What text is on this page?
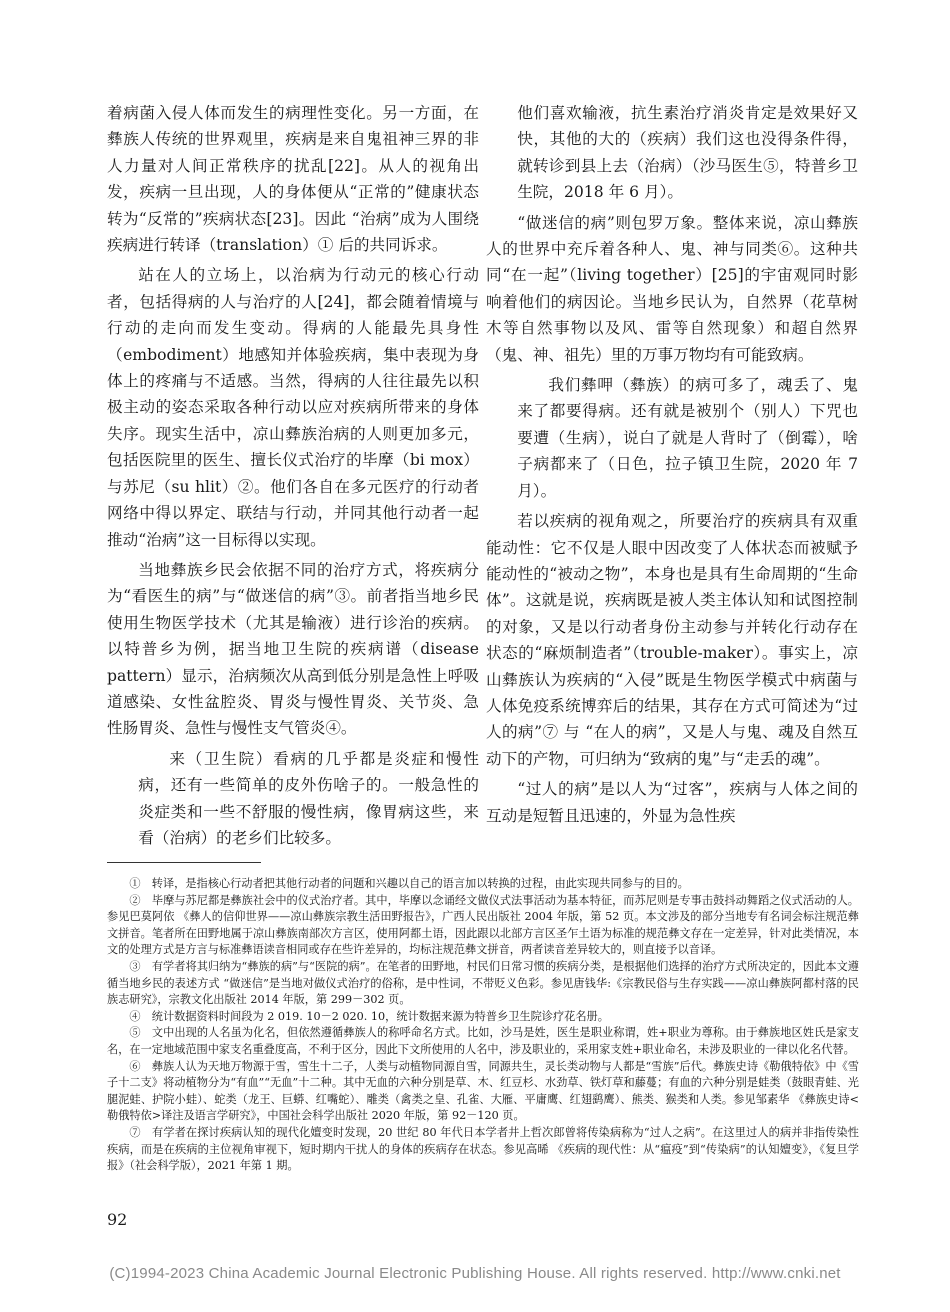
着病菌入侵人体而发生的病理性变化。另一方面，在彝族人传统的世界观里，疾病是来自鬼祖神三界的非人力量对人间正常秩序的扰乱[22]。从人的视角出发，疾病一旦出现，人的身体便从“正常的”健康状态转为“反常的”疾病状态[23]。因此 “治病”成为人围绕疾病进行转译（translation）① 后的共同诉求。

站在人的立场上，以治病为行动元的核心行动者，包括得病的人与治疗的人[24]，都会随着情境与行动的走向而发生变动。得病的人能最先具身性（embodiment）地感知并体验疾病，集中表现为身体上的疼痛与不适感。当然，得病的人往往最先以积极主动的姿态采取各种行动以应对疾病所带来的身体失序。现实生活中，凉山彝族治病的人则更加多元，包括医院里的医生、擅长仪式治疗的毕摩（bi mox）与苏尼（su hlit）②。他们各自在多元医疗的行动者网络中得以界定、联结与行动，并同其他行动者一起推动“治病”这一目标得以实现。

当地彝族乡民会依据不同的治疗方式，将疾病分为“看医生的病”与“做迷信的病”③。前者指当地乡民使用生物医学技术（尤其是输液）进行诊治的疾病。以特普乡为例，据当地卫生院的疾病谱（disease pattern）显示，治病频次从高到低分别是急性上呼吸道感染、女性盆腔炎、胃炎与慢性胃炎、关节炎、急性肠胃炎、急性与慢性支气管炎④。

来（卫生院）看病的几乎都是炎症和慢性病，还有一些简单的皮外伤啥子的。一般急性的炎症类和一些不舒服的慢性病，像胃病这些，来看（治病）的老乡们比较多。

他们喜欢输液，抗生素治疗消炎肯定是效果好又快，其他的大的（疾病）我们这也没得条件得，就转诊到县上去（治病）（沙马医生⑤，特普乡卫生院，2018 年 6 月）。

“做迷信的病”则包罗万象。整体来说，凉山彝族人的世界中充斥着各种人、鬼、神与同类⑥。这种共同“在一起”（living together）[25]的宇宙观同时影响着他们的病因论。当地乡民认为，自然界（花草树木等自然事物以及风、雷等自然现象）和超自然界（鬼、神、祖先）里的万事万物均有可能致病。

我们彝呷（彝族）的病可多了，魂丢了、鬼来了都要得病。还有就是被别个（别人）下咒也要遭（生病），说白了就是人背时了（倒霉），啥子病都来了（日色，拉子镇卫生院，2020 年 7 月）。

若以疾病的视角观之，所要治疗的疾病具有双重能动性：它不仅是人眼中因改变了人体状态而被赋予能动性的“被动之物”，本身也是具有生命周期的“生命体”。这就是说，疾病既是被人类主体认知和试图控制的对象，又是以行动者身份主动参与并转化行动存在状态的“麻烦制造者”（trouble-maker）。事实上，凉山彝族认为疾病的“入侵”既是生物医学模式中病菌与人体免疫系统博弈后的结果，其存在方式可简述为“过人的病”⑦ 与 “在人的病”，又是人与鬼、魂及自然互动下的产物，可归纳为“致病的鬼”与“走丢的魂”。

“过人的病”是以人为“过客”，疾病与人体之间的互动是短暂且迅速的，外显为急性疾

①　转译，是指核心行动者把其他行动者的问题和兴趣以自己的语言加以转换的过程，由此实现共同参与的目的。

②　毕摩与苏尼都是彝族社会中的仪式治疗者。其中，毕摩以念诵经文做仪式法事活动为基本特征，而苏尼则是专事击鼓抖动舞蹈之仪式活动的人。参见巴莫阿依 《彝人的信仰世界——凉山彝族宗教生活田野报告》，广西人民出版社 2004 年版，第 52 页。本文涉及的部分当地专有名词会标注规范彝文拼音。笔者所在田野地属于凉山彝族南部次方言区，使用阿都土语，因此跟以北部方言区圣乍土语为标准的规范彝文存在一定差异，针对此类情况，本文的处理方式是方言与标准彝语读音相同或存在些许差异的，均标注规范彝文拼音，两者读音差异较大的，则直接予以音译。

③　有学者将其归纳为“彝族的病”与“医院的病”。在笔者的田野地，村民们日常习惯的疾病分类，是根据他们选择的治疗方式所决定的，因此本文遵循当地乡民的表述方式 “做迷信”是当地对做仪式治疗的俗称，是中性词，不带贬义色彩。参见唐钱华:《宗教民俗与生存实践——凉山彝族阿都村落的民族志研究》，宗教文化出版社 2014 年版，第 299－302 页。

④　统计数据资料时间段为 2 019. 10－2 020. 10，统计数据来源为特普乡卫生院诊疗花名册。

⑤　文中出现的人名虽为化名，但依然遵循彝族人的称呼命名方式。比如，沙马是姓，医生是职业称谓，姓+职业为尊称。由于彝族地区姓氏是家支名，在一定地域范围中家支名重叠度高，不利于区分，因此下文所使用的人名中，涉及职业的，采用家支姓+职业命名，未涉及职业的一律以化名代替。

⑥　彝族人认为天地万物源于雪，雪生十二子，人类与动植物同源自雪，同源共生，灵长类动物与人都是“雪族”后代。彝族史诗《勒俄特依》中《雪子十二支》将动植物分为“有血”“无血”十二种。其中无血的六种分别是草、木、红豆杉、水劲草、铁灯草和藤蔓；有血的六种分别是蛙类（鼓眼青蛙、光腿泥蛙、护院小蛙）、蛇类（龙王、巨蟒、红嘴蛇）、雕类（禽类之皇、孔雀、大雁、平庸鹰、红翅鹞鹰）、熊类、猴类和人类。参见邹素华 《彝族史诗<勒俄特依>译注及语言学研究》，中国社会科学出版社 2020 年版，第 92－120 页。

⑦　有学者在探讨疾病认知的现代化嬗变时发现，20 世纪 80 年代日本学者井上哲次郎曾将传染病称为“过人之病”。在这里过人的病并非指传染性疾病，而是在疾病的主位视角审视下，短时期内干扰人的身体的疾病存在状态。参见高晞 《疾病的现代性：从“瘟疫”到“传染病”的认知嬗变》，《复旦学报》（社会科学版），2021 年第 1 期。

92
(C)1994-2023 China Academic Journal Electronic Publishing House. All rights reserved. http://www.cnki.net
